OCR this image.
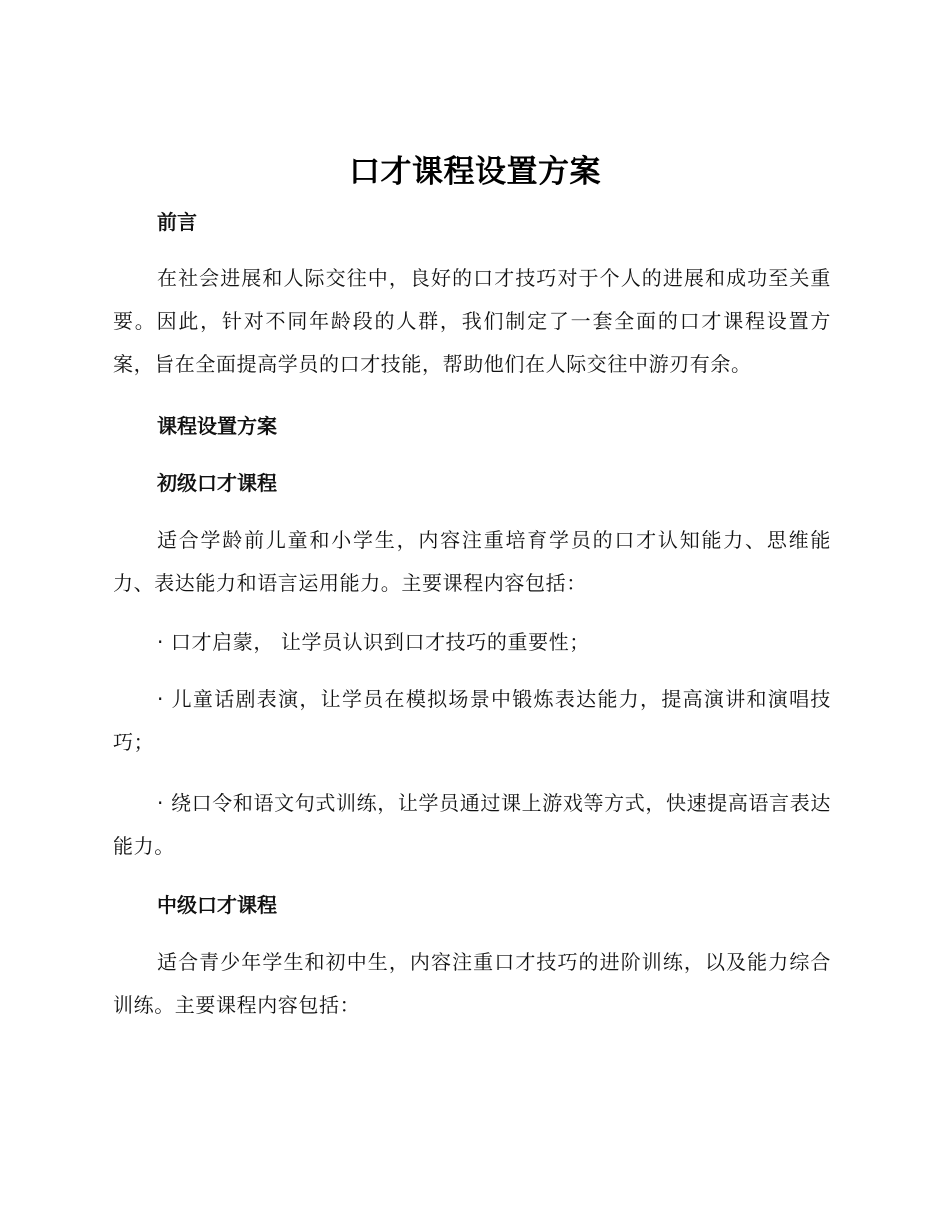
口才课程设置方案
前言

在社会进展和人际交往中，良好的口才技巧对于个人的进展和成功至关重要。因此，针对不同年龄段的人群，我们制定了一套全面的口才课程设置方案，旨在全面提高学员的口才技能，帮助他们在人际交往中游刃有余。

课程设置方案
初级口才课程

适合学龄前儿童和小学生，内容注重培育学员的口才认知能力、思维能力、表达能力和语言运用能力。主要课程内容包括：

· 口才启蒙， 让学员认识到口才技巧的重要性；

· 儿童话剧表演，让学员在模拟场景中锻炼表达能力，提高演讲和演唱技巧；

· 绕口令和语文句式训练，让学员通过课上游戏等方式，快速提高语言表达能力。

中级口才课程

适合青少年学生和初中生，内容注重口才技巧的进阶训练，以及能力综合训练。主要课程内容包括：
